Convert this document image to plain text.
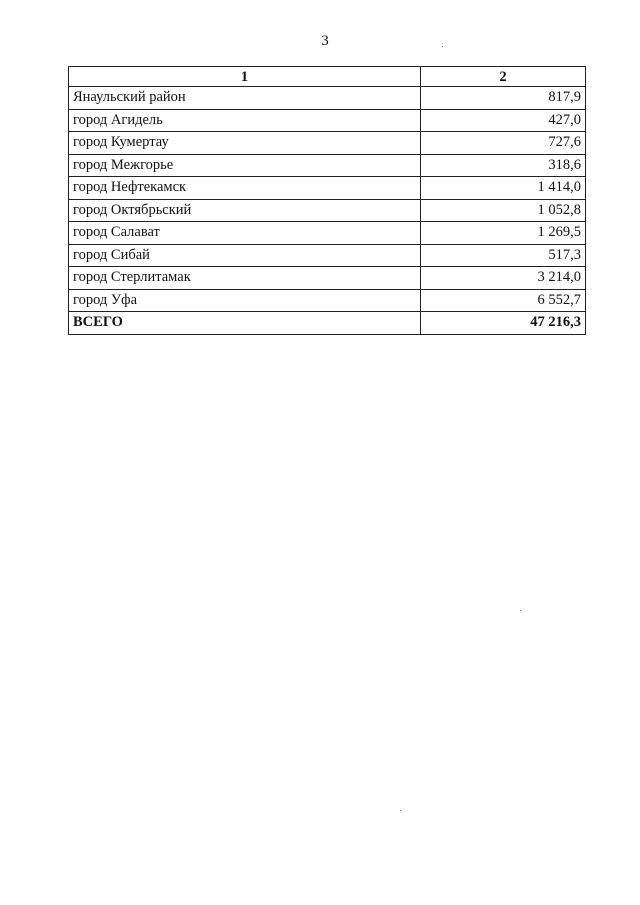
3
1	2
Янаульский район	817,9
город Агидель	427,0
город Кумертау	727,6
город Межгорье	318,6
город Нефтекамск	1 414,0
город Октябрьский	1 052,8
город Салават	1 269,5
город Сибай	517,3
город Стерлитамак	3 214,0
город Уфа	6 552,7
ВСЕГО	47 216,3
